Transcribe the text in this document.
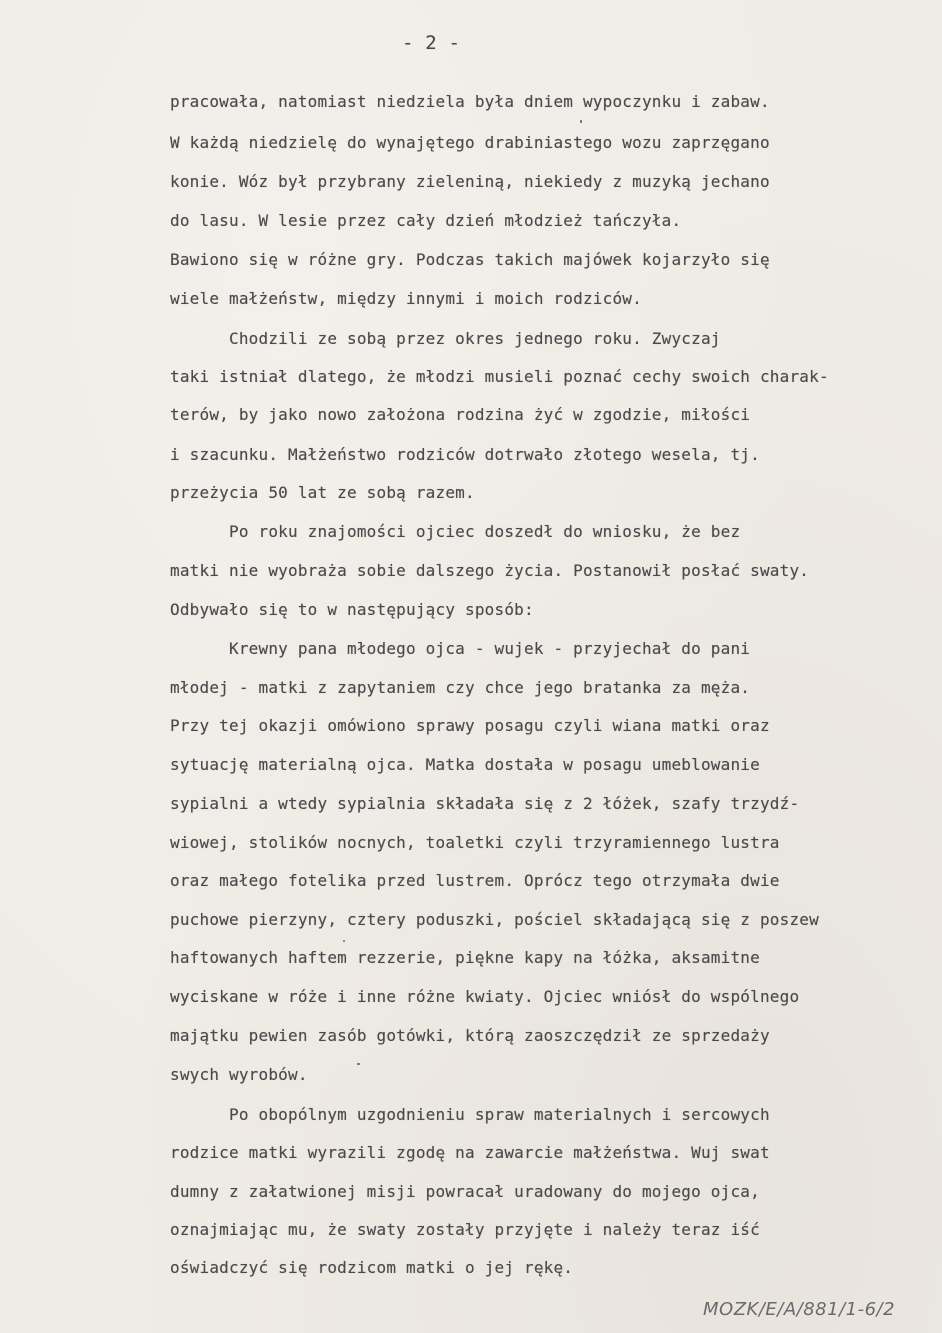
- 2 -
pracowała, natomiast niedziela była dniem wypoczynku i zabaw.
W każdą niedzielę do wynajętego drabiniastego wozu zaprzęgano
konie. Wóz był przybrany zieleniną, niekiedy z muzyką jechano
do lasu. W lesie przez cały dzień młodzież tańczyła.
Bawiono się w różne gry. Podczas takich majówek kojarzyło się
wiele małżeństw, między innymi i moich rodziców.
Chodzili ze sobą przez okres jednego roku. Zwyczaj
taki istniał dlatego, że młodzi musieli poznać cechy swoich charak-
terów, by jako nowo założona rodzina żyć w zgodzie, miłości
i szacunku. Małżeństwo rodziców dotrwało złotego wesela, tj.
przeżycia 50 lat ze sobą razem.
Po roku znajomości ojciec doszedł do wniosku, że bez
matki nie wyobraża sobie dalszego życia. Postanowił posłać swaty.
Odbywało się to w następujący sposób:
Krewny pana młodego ojca - wujek - przyjechał do pani
młodej - matki z zapytaniem czy chce jego bratanka za męża.
Przy tej okazji omówiono sprawy posagu czyli wiana matki oraz
sytuację materialną ojca. Matka dostała w posagu umeblowanie
sypialni a wtedy sypialnia składała się z 2 łóżek, szafy trzydź-
wiowej, stolików nocnych, toaletki czyli trzyramiennego lustra
oraz małego fotelika przed lustrem. Oprócz tego otrzymała dwie
puchowe pierzyny, cztery poduszki, pościel składającą się z poszew
haftowanych haftem rezzerie, piękne kapy na łóżka, aksamitne
wyciskane w róże i inne różne kwiaty. Ojciec wniósł do wspólnego
majątku pewien zasób gotówki, którą zaoszczędził ze sprzedaży
swych wyrobów.
Po obopólnym uzgodnieniu spraw materialnych i sercowych
rodzice matki wyrazili zgodę na zawarcie małżeństwa. Wuj swat
dumny z załatwionej misji powracał uradowany do mojego ojca,
oznajmiając mu, że swaty zostały przyjęte i należy teraz iść
oświadczyć się rodzicom matki o jej rękę.
MOZK/E/A/881/1-6/2
